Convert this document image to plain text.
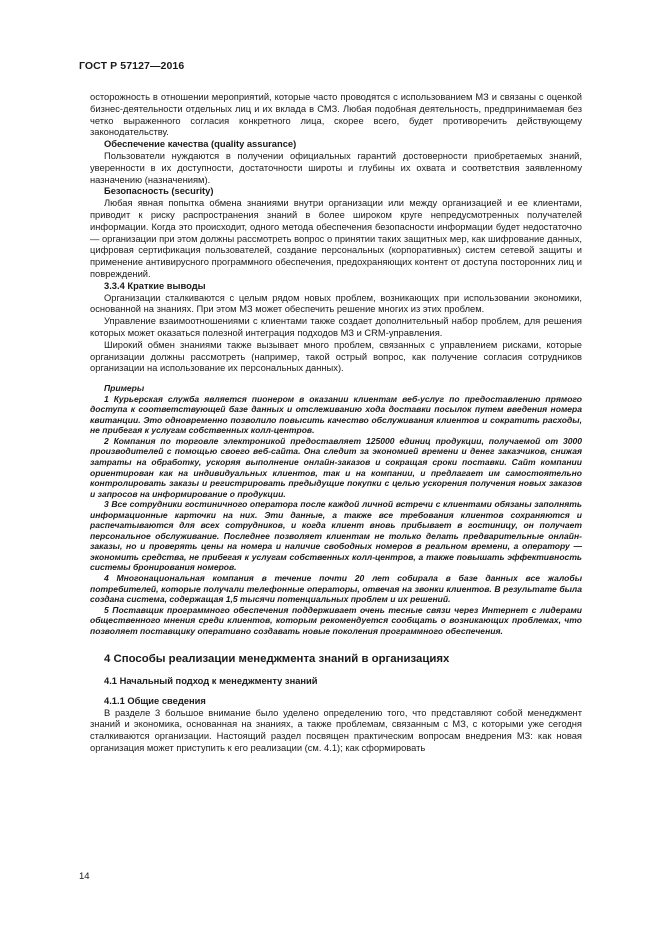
ГОСТ Р 57127—2016

осторожность в отношении мероприятий, которые часто проводятся с использованием МЗ и связаны с оценкой бизнес-деятельности отдельных лиц и их вклада в СМЗ. Любая подобная деятельность, предпринимаемая без четко выраженного согласия конкретного лица, скорее всего, будет противоречить действующему законодательству.

Обеспечение качества (quality assurance)

Пользователи нуждаются в получении официальных гарантий достоверности приобретаемых знаний, уверенности в их доступности, достаточности широты и глубины их охвата и соответствия заявленному назначению (назначениям).

Безопасность (security)

Любая явная попытка обмена знаниями внутри организации или между организацией и ее клиентами, приводит к риску распространения знаний в более широком круге непредусмотренных получателей информации. Когда это происходит, одного метода обеспечения безопасности информации будет недостаточно — организации при этом должны рассмотреть вопрос о принятии таких защитных мер, как шифрование данных, цифровая сертификация пользователей, создание персональных (корпоративных) систем сетевой защиты и применение антивирусного программного обеспечения, предохраняющих контент от доступа посторонних лиц и повреждений.

3.3.4 Краткие выводы

Организации сталкиваются с целым рядом новых проблем, возникающих при использовании экономики, основанной на знаниях. При этом МЗ может обеспечить решение многих из этих проблем.

Управление взаимоотношениями с клиентами также создает дополнительный набор проблем, для решения которых может оказаться полезной интеграция подходов МЗ и CRM-управления.

Широкий обмен знаниями также вызывает много проблем, связанных с управлением рисками, которые организации должны рассмотреть (например, такой острый вопрос, как получение согласия сотрудников организации на использование их персональных данных).

Примеры

1 Курьерская служба является пионером в оказании клиентам веб-услуг по предоставлению прямого доступа к соответствующей базе данных и отслеживанию хода доставки посылок путем введения номера квитанции. Это одновременно позволило повысить качество обслуживания клиентов и сократить расходы, не прибегая к услугам собственных колл-центров.

2 Компания по торговле электроникой предоставляет 125000 единиц продукции, получаемой от 3000 производителей с помощью своего веб-сайта. Она следит за экономией времени и денег заказчиков, снижая затраты на обработку, ускоряя выполнение онлайн-заказов и сокращая сроки поставки. Сайт компании ориентирован как на индивидуальных клиентов, так и на компании, и предлагает им самостоятельно контролировать заказы и регистрировать предыдущие покупки с целью ускорения получения новых заказов и запросов на информирование о продукции.

3 Все сотрудники гостиничного оператора после каждой личной встречи с клиентами обязаны заполнять информационные карточки на них. Эти данные, а также все требования клиентов сохраняются и распечатываются для всех сотрудников, и когда клиент вновь прибывает в гостиницу, он получает персональное обслуживание. Последнее позволяет клиентам не только делать предварительные онлайн-заказы, но и проверять цены на номера и наличие свободных номеров в реальном времени, а оператору — экономить средства, не прибегая к услугам собственных колл-центров, а также повышать эффективность системы бронирования номеров.

4 Многонациональная компания в течение почти 20 лет собирала в базе данных все жалобы потребителей, которые получали телефонные операторы, отвечая на звонки клиентов. В результате была создана система, содержащая 1,5 тысячи потенциальных проблем и их решений.

5 Поставщик программного обеспечения поддерживает очень тесные связи через Интернет с лидерами общественного мнения среди клиентов, которым рекомендуется сообщать о возникающих проблемах, что позволяет поставщику оперативно создавать новые поколения программного обеспечения.

4 Способы реализации менеджмента знаний в организациях
4.1 Начальный подход к менеджменту знаний
4.1.1 Общие сведения

В разделе 3 большое внимание было уделено определению того, что представляют собой менеджмент знаний и экономика, основанная на знаниях, а также проблемам, связанным с МЗ, с которыми уже сегодня сталкиваются организации. Настоящий раздел посвящен практическим вопросам внедрения МЗ: как новая организация может приступить к его реализации (см. 4.1); как сформировать

14
